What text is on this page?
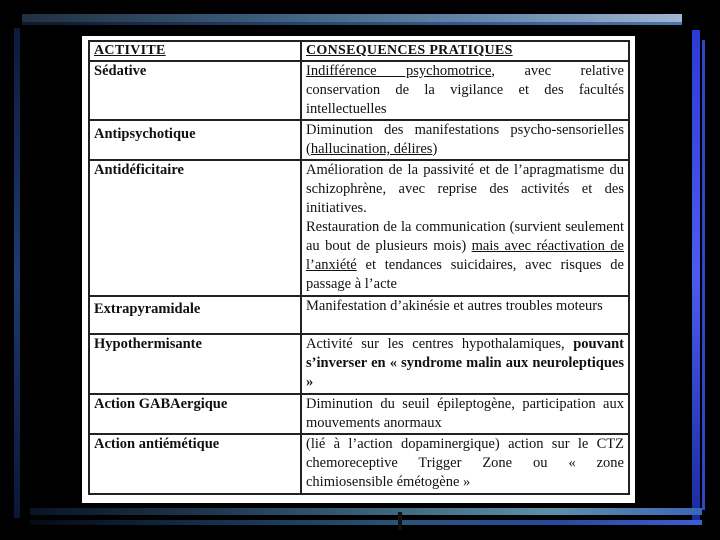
ACTIVITE	CONSEQUENCES PRATIQUES
Sédative	Indifférence psychomotrice, avec relative conservation de la vigilance et des facultés intellectuelles
Antipsychotique	Diminution des manifestations psycho-sensorielles (hallucination, délires)
Antidéficitaire	Amélioration de la passivité et de l’apragmatisme du schizophrène, avec reprise des activités et des initiatives.
Restauration de la communication (survient seulement au bout de plusieurs mois) mais avec réactivation de l’anxiété et tendances suicidaires, avec risques de passage à l’acte

Extrapyramidale	Manifestation d’akinésie et autres troubles moteurs
Hypothermisante	Activité sur les centres hypothalamiques, pouvant s’inverser en « syndrome malin aux neuroleptiques »
Action GABAergique	Diminution du seuil épileptogène, participation aux mouvements anormaux
Action antiémétique	(lié à l’action dopaminergique) action sur le CTZ chemoreceptive Trigger Zone ou « zone chimiosensible émétogène »
